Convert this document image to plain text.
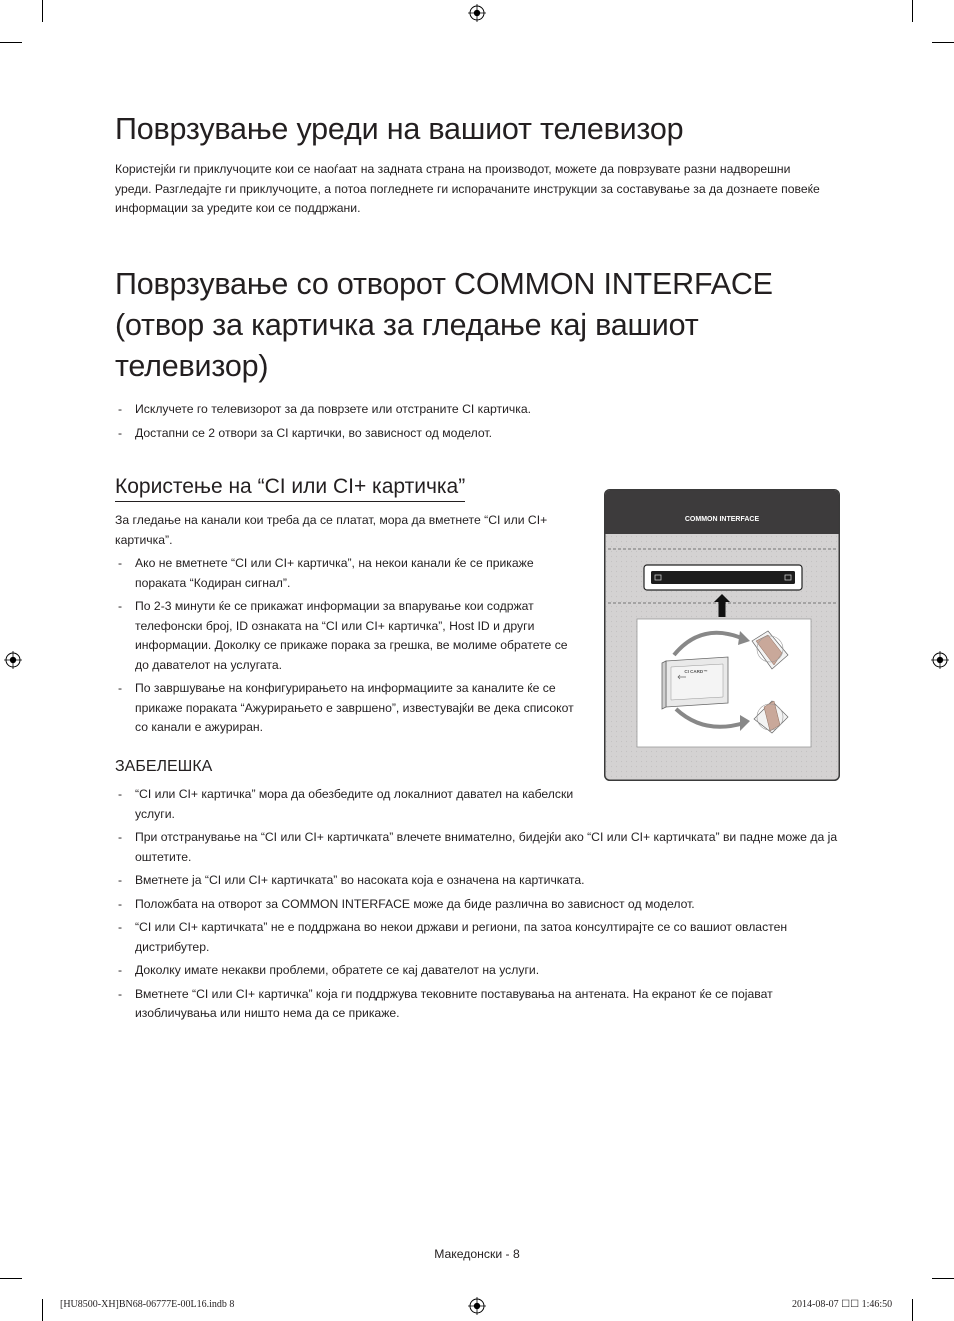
Поврзување уреди на вашиот телевизор
Користејќи ги приклучоците кои се наоѓаат на задната страна на производот, можете да поврзувате разни надворешни
уреди. Разгледајте ги приклучоците, а потоа погледнете ги испорачаните инструкции за составување за да дознаете повеќе
информации за уредите кои се поддржани.
Поврзување со отворот COMMON INTERFACE
(отвор за картичка за гледање кај вашиот
телевизор)
- Исклучете го телевизорот за да поврзете или отстраните CI картичка.
- Достапни се 2 отвори за CI картички, во зависност од моделот.
Користење на “CI или CI+ картичка”
За гледање на канали кои треба да се платат, мора да вметнете “CI или CI+
картичка”.
- Ако не вметнете “CI или CI+ картичка”, на некои канали ќе се прикаже
пораката “Кодиран сигнал”.
- По 2-3 минути ќе се прикажат информации за впарување кои содржат
телефонски број, ID ознаката на “CI или CI+ картичка”, Host ID и други
информации. Доколку се прикаже порака за грешка, ве молиме обратете се
до давателот на услугата.
- По завршување на конфигурирањето на информациите за каналите ќе се
прикаже пораката “Ажурирањето е завршено”, известувајќи ве дека списокот
со канали е ажуриран.
COMMON INTERFACE
CI CARD™
ЗАБЕЛЕШКА
- “CI или CI+ картичка” мора да обезбедите од локалниот давател на кабелски
услуги.
- При отстранување на “CI или CI+ картичката” влечете внимателно, бидејќи ако “CI или CI+ картичката” ви падне може да ја
оштетите.
- Вметнете ја “CI или CI+ картичката” во насоката која е означена на картичката.
- Положбата на отворот за COMMON INTERFACE може да биде различна во зависност од моделот.
- “CI или CI+ картичката” не е поддржана во некои држави и региони, па затоа консултирајте се со вашиот овластен
дистрибутер.
- Доколку имате некакви проблеми, обратете се кај давателот на услуги.
- Вметнете “CI или CI+ картичка” која ги поддржува тековните поставувања на антената. На екранот ќе се појават
изобличувања или ништо нема да се прикаже.
Македонски - 8
[HU8500-XH]BN68-06777E-00L16.indb 8	2014-08-07 ☐☐ 1:46:50
